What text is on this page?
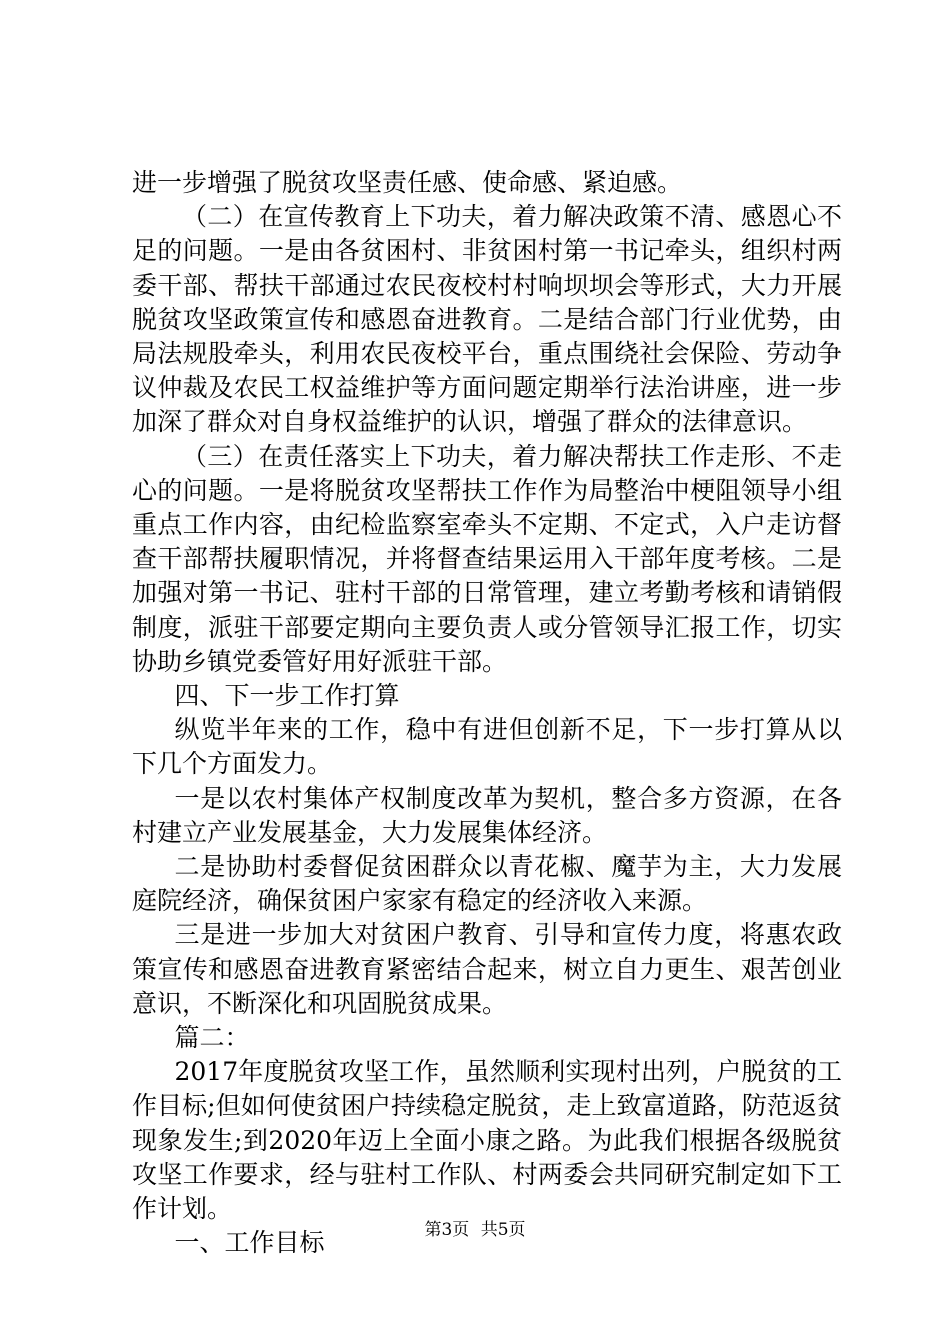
进一步增强了脱贫攻坚责任感、使命感、紧迫感。

（二）在宣传教育上下功夫，着力解决政策不清、感恩心不足的问题。一是由各贫困村、非贫困村第一书记牵头，组织村两委干部、帮扶干部通过农民夜校村村响坝坝会等形式，大力开展脱贫攻坚政策宣传和感恩奋进教育。二是结合部门行业优势，由局法规股牵头，利用农民夜校平台，重点围绕社会保险、劳动争议仲裁及农民工权益维护等方面问题定期举行法治讲座，进一步加深了群众对自身权益维护的认识，增强了群众的法律意识。

（三）在责任落实上下功夫，着力解决帮扶工作走形、不走心的问题。一是将脱贫攻坚帮扶工作作为局整治中梗阻领导小组重点工作内容，由纪检监察室牵头不定期、不定式，入户走访督查干部帮扶履职情况，并将督查结果运用入干部年度考核。二是加强对第一书记、驻村干部的日常管理，建立考勤考核和请销假制度，派驻干部要定期向主要负责人或分管领导汇报工作，切实协助乡镇党委管好用好派驻干部。

四、下一步工作打算

纵览半年来的工作，稳中有进但创新不足，下一步打算从以下几个方面发力。

一是以农村集体产权制度改革为契机，整合多方资源，在各村建立产业发展基金，大力发展集体经济。

二是协助村委督促贫困群众以青花椒、魔芋为主，大力发展庭院经济，确保贫困户家家有稳定的经济收入来源。

三是进一步加大对贫困户教育、引导和宣传力度，将惠农政策宣传和感恩奋进教育紧密结合起来，树立自力更生、艰苦创业意识，不断深化和巩固脱贫成果。

篇二：

2017年度脱贫攻坚工作，虽然顺利实现村出列，户脱贫的工作目标;但如何使贫困户持续稳定脱贫，走上致富道路，防范返贫现象发生;到2020年迈上全面小康之路。为此我们根据各级脱贫攻坚工作要求，经与驻村工作队、村两委会共同研究制定如下工作计划。

一、工作目标	第3页 共5页
